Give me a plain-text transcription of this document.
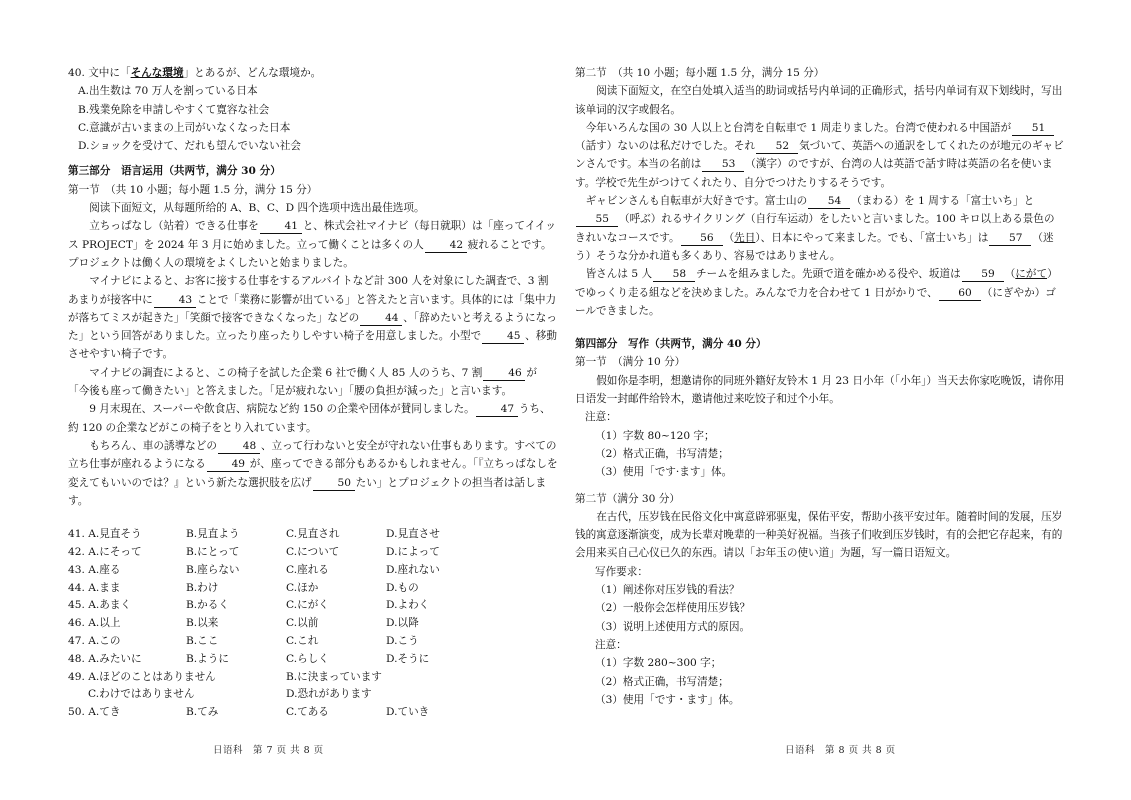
40. 文中に「そんな環境」とあるが、どんな環境か。

A.出生数は 70 万人を割っている日本

B.残業免除を申請しやすくて寛容な社会

C.意識が古いままの上司がいなくなった日本

D.ショックを受けて、だれも望んでいない社会

第三部分　语言运用（共两节，满分 30 分）

第一节　（共 10 小题；每小题 1.5 分，满分 15 分）

阅读下面短文，从每题所给的 A、B、C、D 四个选项中选出最佳选项。

立ちっぱなし（站着）できる仕事を 41 と、株式会社マイナビ（每日就职）は「座ってイイッス PROJECT」を 2024 年 3 月に始めました。立って働くことは多くの人 42 疲れることです。プロジェクトは働く人の環境をよくしたいと始まりました。

マイナビによると、お客に接する仕事をするアルバイトなど計 300 人を対象にした調査で、3 割あまりが接客中に 43 ことで「業務に影響が出ている」と答えたと言います。具体的には「集中力が落ちてミスが起きた」「笑顔で接客できなくなった」などの 44 、「辞めたいと考えるようになった」という回答がありました。立ったり座ったりしやすい椅子を用意しました。小型で 45 、移動させやすい椅子です。

マイナビの調査によると、この椅子を試した企業 6 社で働く人 85 人のうち、7 割 46 が「今後も座って働きたい」と答えました。「足が疲れない」「腰の負担が減った」と言います。

9 月末現在、スーパーや飲食店、病院など約 150 の企業や団体が賛同しました。 47 うち、約 120 の企業などがこの椅子をとり入れています。

もちろん、車の誘導などの 48 、立って行わないと安全が守れない仕事もあります。すべての立ち仕事が座れるようになる 49 が、座ってできる部分もあるかもしれません。「『立ちっぱなしを変えてもいいのでは？』という新たな選択肢を広げ 50 たい」とプロジェクトの担当者は話します。

41. A.見直そう	B.見直よう	C.見直され	D.見直させ
42. A.にそって	B.にとって	C.について	D.によって
43. A.座る	B.座らない	C.座れる	D.座れない
44. A.まま	B.わけ	C.ほか	D.もの
45. A.あまく	B.かるく	C.にがく	D.よわく
46. A.以上	B.以来	C.以前	D.以降
47. A.この	B.ここ	C.これ	D.こう
48. A.みたいに	B.ように	C.らしく	D.そうに
49. A.ほどのことはありません	B.に決まっています
C.わけではありません	D.恐れがあります
50. A.てき	B.てみ	C.てある	D.ていき
日语科　第 7 页 共 8 页

第二节　（共 10 小题；每小题 1.5 分，满分 15 分）

阅读下面短文，在空白处填入适当的助词或括号内单词的正确形式，括号内单词有双下划线时，写出该单词的汉字或假名。

今年いろんな国の 30 人以上と台湾を自転車で 1 周走りました。台湾で使われる中国語が 51（話す）ないのは私だけでした。それ 52 気づいて、英語への通訳をしてくれたのが地元のギャビンさんです。本当の名前は 53 （漢字）のですが、台湾の人は英語で話す時は英語の名を使います。学校で先生がつけてくれたり、自分でつけたりするそうです。

ギャビンさんも自転車が大好きです。富士山の 54 （まわる）を 1 周する「富士いち」と55 （呼ぶ）れるサイクリング（自行车运动）をしたいと言いました。100 キロ以上ある景色のきれいなコースです。 56 （先日）、日本にやって来ました。でも、「富士いち」は 57 （迷う）そうな分かれ道も多くあり、容易ではありません。

皆さんは 5 人 58 チームを組みました。先頭で道を確かめる役や、坂道は 59 （にがて）でゆっくり走る組などを決めました。みんなで力を合わせて 1 日がかりで、 60 （にぎやか）ゴールできました。

第四部分　写作（共两节，满分 40 分）

第一节　（满分 10 分）

假如你是李明，想邀请你的同班外籍好友铃木 1 月 23 日小年（「小年」）当天去你家吃晚饭，请你用日语发一封邮件给铃木，邀请他过来吃饺子和过个小年。

注意：

（1）字数 80~120 字；

（2）格式正确，书写清楚；

（3）使用「です·ます」体。

第二节（满分 30 分）

在古代，压岁钱在民俗文化中寓意辟邪驱鬼，保佑平安，帮助小孩平安过年。随着时间的发展，压岁钱的寓意逐渐演变，成为长辈对晚辈的一种美好祝福。当孩子们收到压岁钱时，有的会把它存起来，有的会用来买自己心仪已久的东西。请以「お年玉の使い道」为题，写一篇日语短文。

写作要求：

（1）阐述你对压岁钱的看法？

（2）一般你会怎样使用压岁钱？

（3）说明上述使用方式的原因。

注意：

（1）字数 280~300 字；

（2）格式正确，书写清楚；

（3）使用「です・ます」体。

日语科　第 8 页 共 8 页
